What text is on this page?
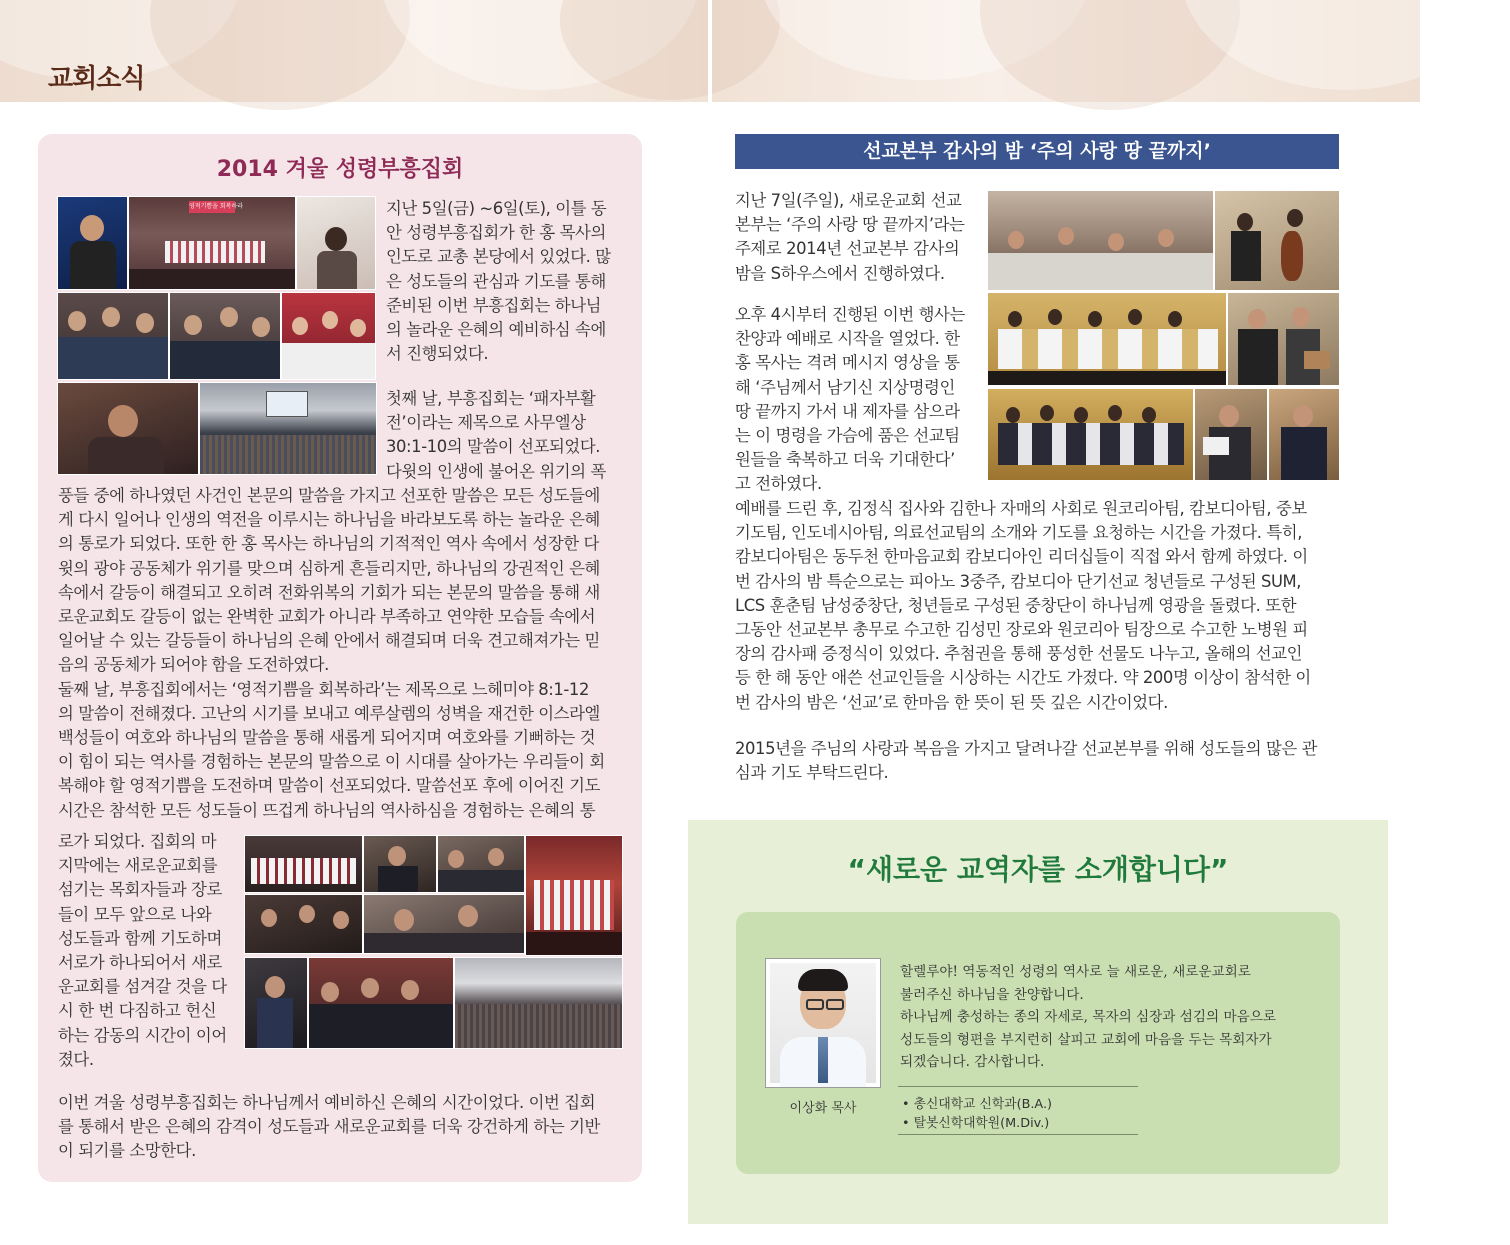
교회소식
2014 겨울 성령부흥집회
영적기쁨을 회복하라	지난 5일(금) ~6일(토), 이틀 동
안 성령부흥집회가 한 홍 목사의
인도로 교총 본당에서 있었다. 많
은 성도들의 관심과 기도를 통해
준비된 이번 부흥집회는 하나님
의 놀라운 은혜의 예비하심 속에
서 진행되었다.

첫째 날, 부흥집회는 ‘패자부활
전’이라는 제목으로 사무엘상
30:1-10의 말씀이 선포되었다.
다윗의 인생에 불어온 위기의 폭

풍들 중에 하나였던 사건인 본문의 말씀을 가지고 선포한 말씀은 모든 성도들에
게 다시 일어나 인생의 역전을 이루시는 하나님을 바라보도록 하는 놀라운 은혜
의 통로가 되었다. 또한 한 홍 목사는 하나님의 기적적인 역사 속에서 성장한 다
윗의 광야 공동체가 위기를 맞으며 심하게 흔들리지만, 하나님의 강권적인 은혜
속에서 갈등이 해결되고 오히려 전화위복의 기회가 되는 본문의 말씀을 통해 새
로운교회도 갈등이 없는 완벽한 교회가 아니라 부족하고 연약한 모습들 속에서
일어날 수 있는 갈등들이 하나님의 은혜 안에서 해결되며 더욱 견고해져가는 믿
음의 공동체가 되어야 함을 도전하였다.
둘째 날, 부흥집회에서는 ‘영적기쁨을 회복하라’는 제목으로 느헤미야 8:1-12
의 말씀이 전해졌다. 고난의 시기를 보내고 예루살렘의 성벽을 재건한 이스라엘
백성들이 여호와 하나님의 말씀을 통해 새롭게 되어지며 여호와를 기뻐하는 것
이 힘이 되는 역사를 경험하는 본문의 말씀으로 이 시대를 살아가는 우리들이 회
복해야 할 영적기쁨을 도전하며 말씀이 선포되었다. 말씀선포 후에 이어진 기도
시간은 참석한 모든 성도들이 뜨겁게 하나님의 역사하심을 경험하는 은혜의 통

로가 되었다. 집회의 마
지막에는 새로운교회를
섬기는 목회자들과 장로
들이 모두 앞으로 나와
성도들과 함께 기도하며
서로가 하나되어서 새로
운교회를 섬겨갈 것을 다
시 한 번 다짐하고 헌신
하는 감동의 시간이 이어
졌다.

이번 겨울 성령부흥집회는 하나님께서 예비하신 은혜의 시간이었다. 이번 집회
를 통해서 받은 은혜의 감격이 성도들과 새로운교회를 더욱 강건하게 하는 기반
이 되기를 소망한다.

선교본부 감사의 밤 ‘주의 사랑 땅 끝까지’

지난 7일(주일), 새로운교회 선교
본부는 ‘주의 사랑 땅 끝까지’라는
주제로 2014년 선교본부 감사의
밤을 S하우스에서 진행하였다.

오후 4시부터 진행된 이번 행사는
찬양과 예배로 시작을 열었다. 한
홍 목사는 격려 메시지 영상을 통
해 ‘주님께서 남기신 지상명령인
땅 끝까지 가서 내 제자를 삼으라
는 이 명령을 가슴에 품은 선교팀
원들을 축복하고 더욱 기대한다’
고 전하였다.

예배를 드린 후, 김정식 집사와 김한나 자매의 사회로 원코리아팀, 캄보디아팀, 중보
기도팀, 인도네시아팀, 의료선교팀의 소개와 기도를 요청하는 시간을 가졌다. 특히,
캄보디아팀은 동두천 한마음교회 캄보디아인 리더십들이 직접 와서 함께 하였다. 이
번 감사의 밤 특순으로는 피아노 3중주, 캄보디아 단기선교 청년들로 구성된 SUM,
LCS 훈춘팀 남성중창단, 청년들로 구성된 중창단이 하나님께 영광을 돌렸다. 또한
그동안 선교본부 총무로 수고한 김성민 장로와 원코리아 팀장으로 수고한 노병원 피
장의 감사패 증정식이 있었다. 추첨권을 통해 풍성한 선물도 나누고, 올해의 선교인
등 한 해 동안 애쓴 선교인들을 시상하는 시간도 가졌다. 약 200명 이상이 참석한 이
번 감사의 밤은 ‘선교’로 한마음 한 뜻이 된 뜻 깊은 시간이었다.

2015년을 주님의 사랑과 복음을 가지고 달려나갈 선교본부를 위해 성도들의 많은 관
심과 기도 부탁드린다.

“새로운 교역자를 소개합니다”
이상화 목사

할렐루야! 역동적인 성령의 역사로 늘 새로운, 새로운교회로
불러주신 하나님을 찬양합니다.
하나님께 충성하는 종의 자세로, 목자의 심장과 섬김의 마음으로
성도들의 형편을 부지런히 살피고 교회에 마음을 두는 목회자가
되겠습니다. 감사합니다.

• 총신대학교 신학과(B.A.)
• 탈봇신학대학원(M.Div.)
